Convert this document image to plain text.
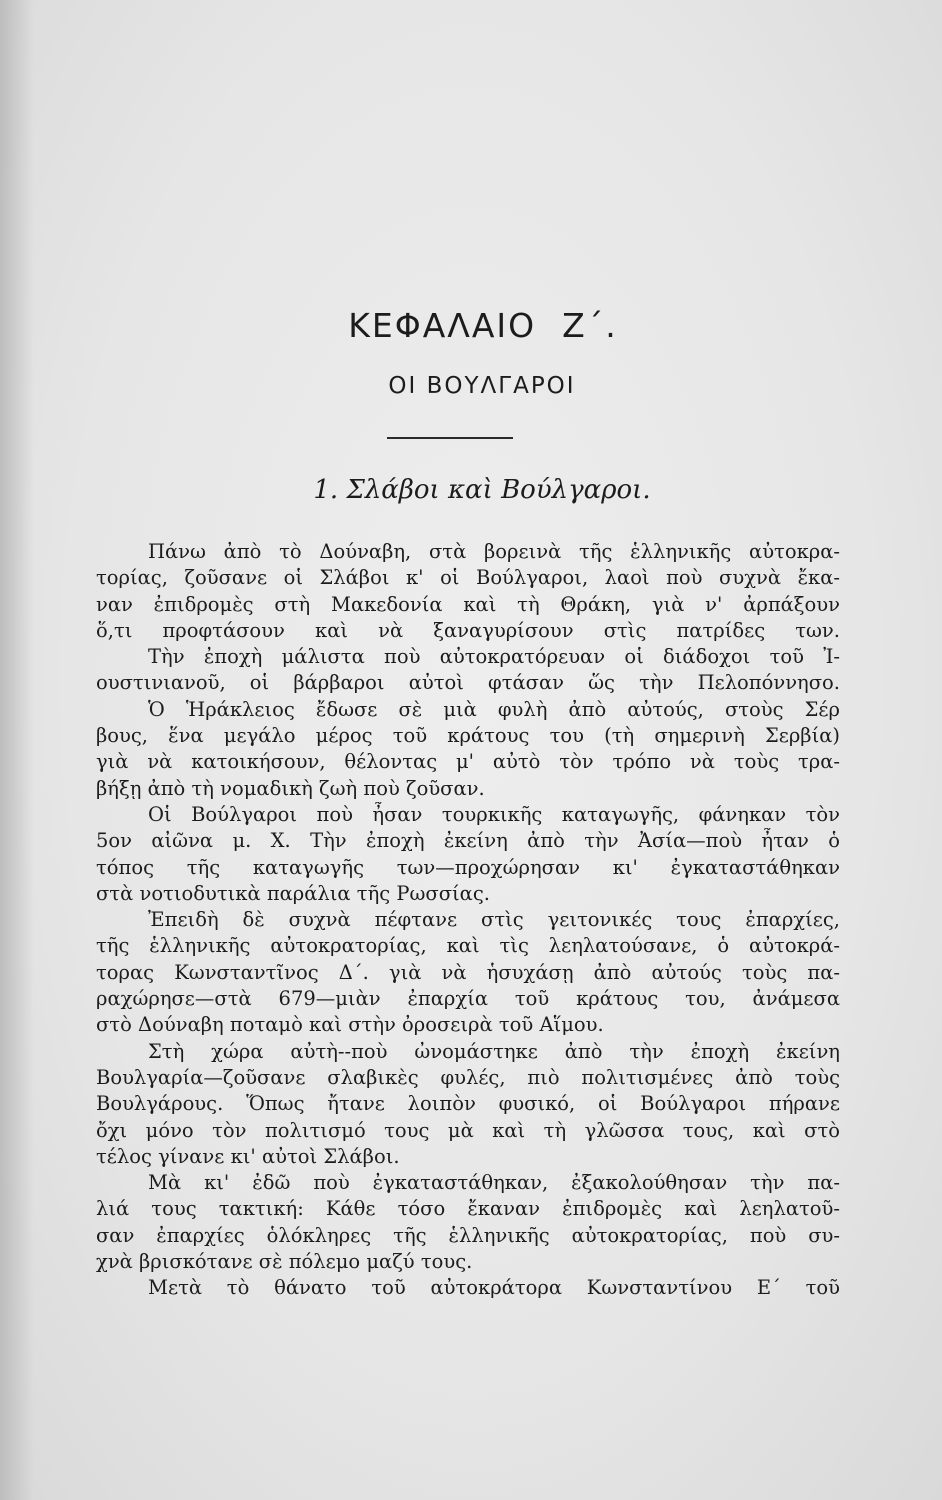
ΚΕΦΑΛΑΙΟ Ζ΄.
ΟΙ ΒΟΥΛΓΑΡΟΙ
1. Σλάβοι καὶ Βούλγαροι.
Πάνω ἀπὸ τὸ Δούναβη, στὰ βορεινὰ τῆς ἑλληνικῆς αὐτοκρα-
τορίας, ζοῦσανε οἱ Σλάβοι κ' οἱ Βούλγαροι, λαοὶ ποὺ συχνὰ ἔκα-
ναν ἐπιδρομὲς στὴ Μακεδονία καὶ τὴ Θράκη, γιὰ ν' ἀρπάξουν
ὅ,τι προφτάσουν καὶ νὰ ξαναγυρίσουν στὶς πατρίδες των.
Τὴν ἐποχὴ μάλιστα ποὺ αὐτοκρατόρευαν οἱ διάδοχοι τοῦ Ἰ-
ουστινιανοῦ, οἱ βάρβαροι αὐτοὶ φτάσαν ὥς τὴν Πελοπόννησο.
Ὁ Ἡράκλειος ἔδωσε σὲ μιὰ φυλὴ ἀπὸ αὐτούς, στοὺς Σέρ
βους, ἕνα μεγάλο μέρος τοῦ κράτους του (τὴ σημερινὴ Σερβία)
γιὰ νὰ κατοικήσουν, θέλοντας μ' αὐτὸ τὸν τρόπο νὰ τοὺς τρα-
βήξῃ ἀπὸ τὴ νομαδικὴ ζωὴ ποὺ ζοῦσαν.
Οἱ Βούλγαροι ποὺ ἦσαν τουρκικῆς καταγωγῆς, φάνηκαν τὸν
5ον αἰῶνα μ. Χ. Τὴν ἐποχὴ ἐκείνη ἀπὸ τὴν Ἀσία—ποὺ ἦταν ὁ
τόπος τῆς καταγωγῆς των—προχώρησαν κι' ἐγκαταστάθηκαν
στὰ νοτιοδυτικὰ παράλια τῆς Ρωσσίας.
Ἐπειδὴ δὲ συχνὰ πέφτανε στὶς γειτονικές τους ἐπαρχίες,
τῆς ἑλληνικῆς αὐτοκρατορίας, καὶ τὶς λεηλατούσανε, ὁ αὐτοκρά-
τορας Κωνσταντῖνος Δ΄. γιὰ νὰ ἡσυχάσῃ ἀπὸ αὐτούς τοὺς πα-
ραχώρησε—στὰ 679—μιὰν ἐπαρχία τοῦ κράτους του, ἀνάμεσα
στὸ Δούναβη ποταμὸ καὶ στὴν ὀροσειρὰ τοῦ Αἵμου.
Στὴ χώρα αὐτὴ--ποὺ ὠνομάστηκε ἀπὸ τὴν ἐποχὴ ἐκείνη
Βουλγαρία—ζοῦσανε σλαβικὲς φυλές, πιὸ πολιτισμένες ἀπὸ τοὺς
Βουλγάρους. Ὅπως ἤτανε λοιπὸν φυσικό, οἱ Βούλγαροι πήρανε
ὄχι μόνο τὸν πολιτισμό τους μὰ καὶ τὴ γλῶσσα τους, καὶ στὸ
τέλος γίνανε κι' αὐτοὶ Σλάβοι.
Μὰ κι' ἐδῶ ποὺ ἐγκαταστάθηκαν, ἐξακολούθησαν τὴν πα-
λιά τους τακτική: Κάθε τόσο ἔκαναν ἐπιδρομὲς καὶ λεηλατοῦ-
σαν ἐπαρχίες ὁλόκληρες τῆς ἑλληνικῆς αὐτοκρατορίας, ποὺ συ-
χνὰ βρισκότανε σὲ πόλεμο μαζύ τους.
Μετὰ τὸ θάνατο τοῦ αὐτοκράτορα Κωνσταντίνου Ε΄ τοῦ
